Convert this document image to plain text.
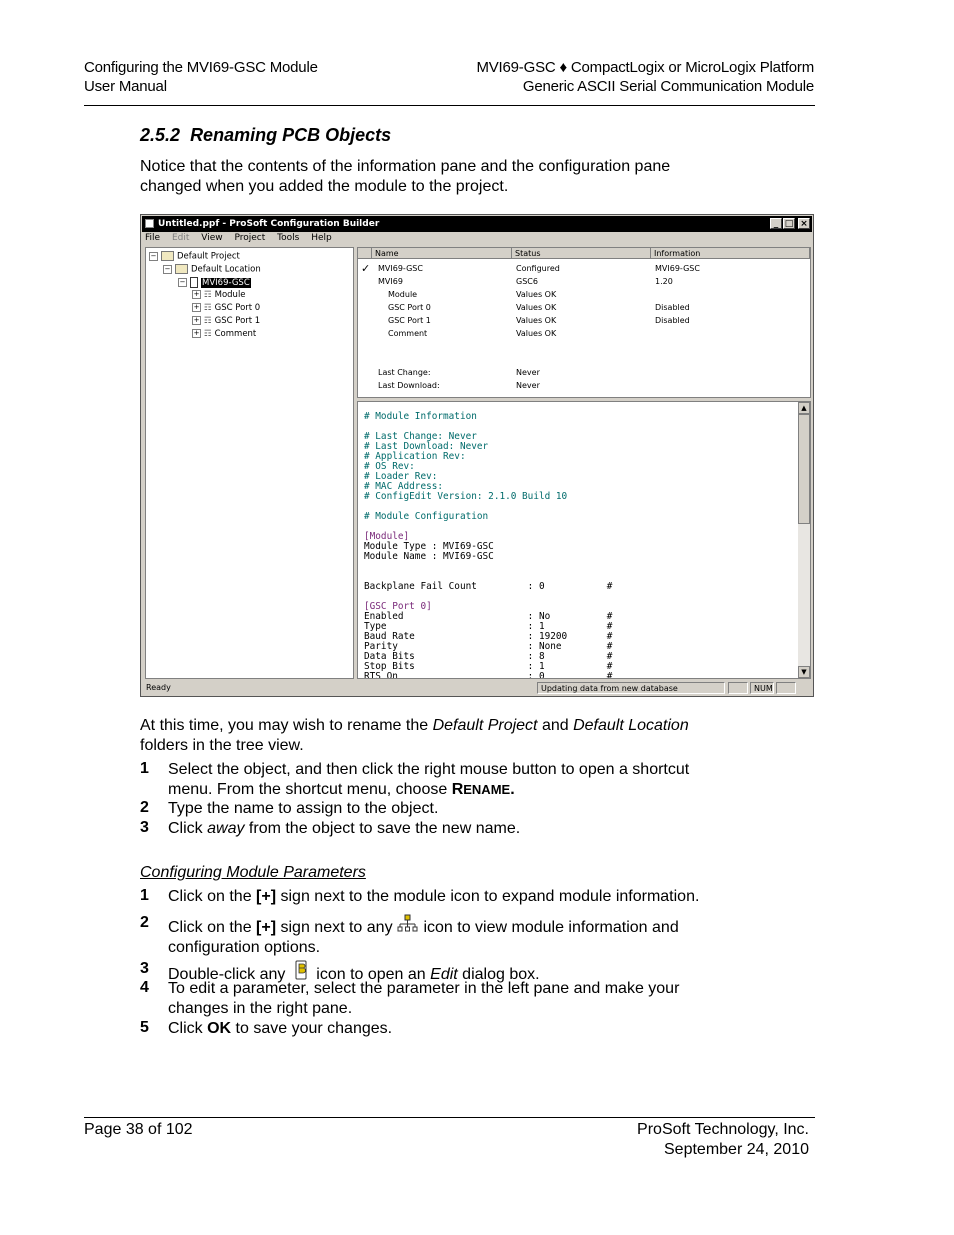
Configuring the MVI69-GSC Module
User Manual
MVI69-GSC ♦ CompactLogix or MicroLogix Platform
Generic ASCII Serial Communication Module
2.5.2 Renaming PCB Objects
Notice that the contents of the information pane and the configuration pane
changed when you added the module to the project.
Untitled.ppf - ProSoft Configuration Builder	_ □ ×
File Edit View Project Tools Help
− Default Project
− Default Location
− MVI69-GSC
+ ☶ Module
+ ☶ GSC Port 0
+ ☶ GSC Port 1
+ ☶ Comment
Name	Status	Information
✓ MVI69-GSC	Configured	MVI69-GSC
MVI69	GSC6	1.20
Module	Values OK
GSC Port 0	Values OK	Disabled
GSC Port 1	Values OK	Disabled
Comment	Values OK
Last Change:	Never
Last Download:	Never
# Module Information

# Last Change: Never
# Last Download: Never
# Application Rev:
# OS Rev:
# Loader Rev:
# MAC Address:
# ConfigEdit Version: 2.1.0 Build 10

# Module Configuration

[Module]
Module Type : MVI69-GSC
Module Name : MVI69-GSC

Backplane Fail Count         : 0           #

[GSC Port 0]
Enabled                      : No          #
Type                         : 1           #
Baud Rate                    : 19200       #
Parity                       : None        #
Data Bits                    : 8           #
Stop Bits                    : 1           #
RTS On                       : 0           #
▲
▼
Ready	Updating data from new database	NUM
At this time, you may wish to rename the Default Project and Default Location
folders in the tree view.
1 Select the object, and then click the right mouse button to open a shortcut
menu. From the shortcut menu, choose RENAME.
2 Type the name to assign to the object.
3 Click away from the object to save the new name.
Configuring Module Parameters
1 Click on the [+] sign next to the module icon to expand module information.
2 Click on the [+] sign next to any  icon to view module information and
configuration options.
3 Double-click any  icon to open an Edit dialog box.
4 To edit a parameter, select the parameter in the left pane and make your
changes in the right pane.
5 Click OK to save your changes.
Page 38 of 102	ProSoft Technology, Inc.
September 24, 2010
